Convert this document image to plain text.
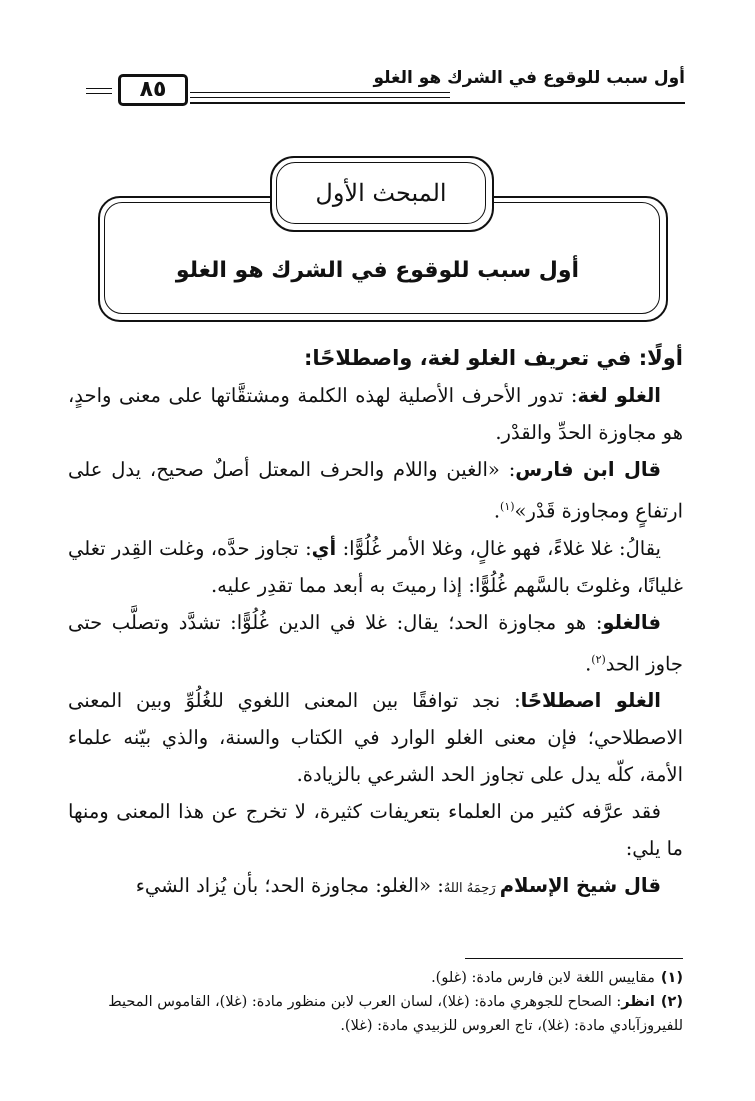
أول سبب للوقوع في الشرك هو الغلو
٨٥
المبحث الأول
أول سبب للوقوع في الشرك هو الغلو

أولًا: في تعريف الغلو لغة، واصطلاحًا:

الغلو لغة: تدور الأحرف الأصلية لهذه الكلمة ومشتقَّاتها على معنى واحدٍ، هو مجاوزة الحدِّ والقدْر.

قال ابن فارس: «الغين واللام والحرف المعتل أصلٌ صحيح، يدل على ارتفاعٍ ومجاوزة قَدْر»$^{(١)}$.

يقالُ: غلا غلاءً، فهو غالٍ، وغلا الأمر غُلُوًّا: أي: تجاوز حدَّه، وغلت القِدر تغلي غليانًا، وغلوتَ بالسَّهم غُلُوًّا: إذا رميتَ به أبعد مما تقدِر عليه.

فالغلو: هو مجاوزة الحد؛ يقال: غلا في الدين غُلُوًّا: تشدَّد وتصلَّب حتى جاوز الحد$^{(٢)}$.

الغلو اصطلاحًا: نجد توافقًا بين المعنى اللغوي للغُلُوِّ وبين المعنى الاصطلاحي؛ فإن معنى الغلو الوارد في الكتاب والسنة، والذي بيّنه علماء الأمة، كلّه يدل على تجاوز الحد الشرعي بالزيادة.

فقد عرَّفه كثير من العلماء بتعريفات كثيرة، لا تخرج عن هذا المعنى ومنها ما يلي:

قال شيخ الإسلام رَحِمَهُ اللهُ: «الغلو: مجاوزة الحد؛ بأن يُزاد الشيء

(١)مقاييس اللغة لابن فارس مادة: (غلو).

(٢)انظر: الصحاح للجوهري مادة: (غلا)، لسان العرب لابن منظور مادة: (غلا)، القاموس المحيط للفيروزآبادي مادة: (غلا)، تاج العروس للزبيدي مادة: (غلا).
